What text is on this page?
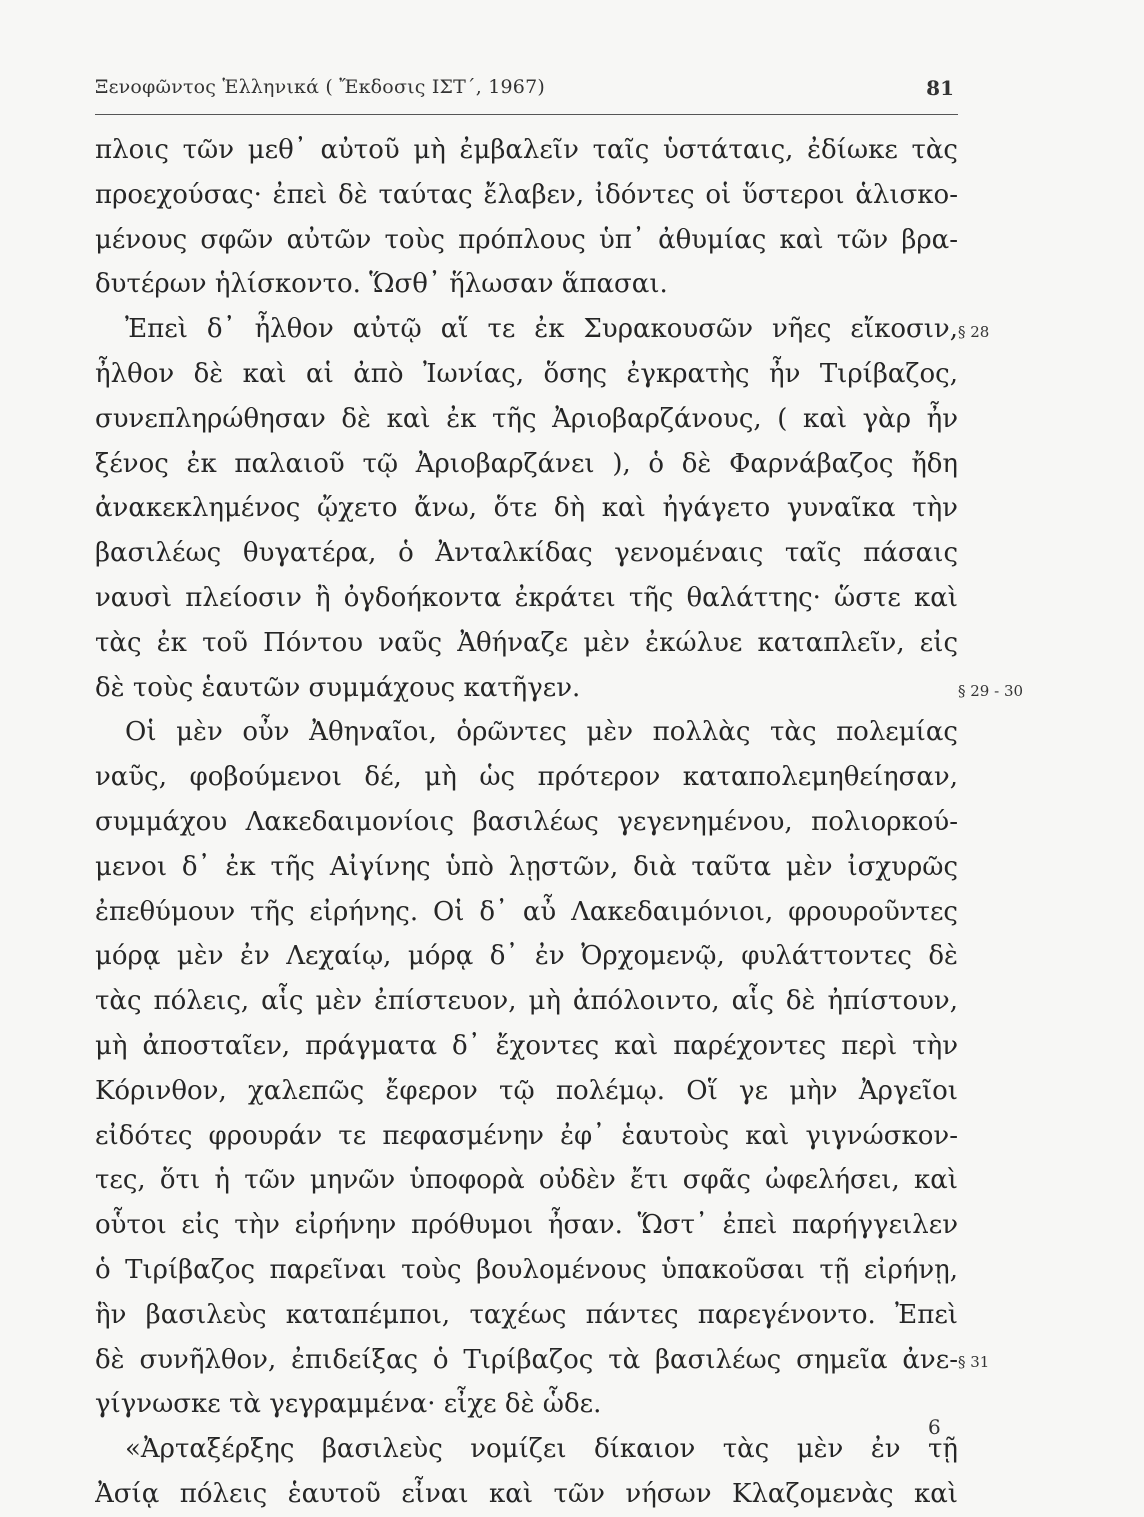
Ξενοφῶντος Ἑλληνικά ( Ἔκδοσις ΙΣΤ΄, 1967)	81
πλοις τῶν μεθ᾿ αὐτοῦ μὴ ἐμβαλεῖν ταῖς ὑστάταις, ἐδίωκε τὰς
προεχούσας· ἐπεὶ δὲ ταύτας ἔλαβεν, ἰδόντες οἱ ὕστεροι ἁλισκο-
μένους σφῶν αὐτῶν τοὺς πρόπλους ὑπ᾿ ἀθυμίας καὶ τῶν βρα-
δυτέρων ἡλίσκοντο. Ὥσθ᾿ ἥλωσαν ἅπασαι.
Ἐπεὶ δ᾿ ἦλθον αὐτῷ αἵ τε ἐκ Συρακουσῶν νῆες εἴκοσιν,
ἦλθον δὲ καὶ αἱ ἀπὸ Ἰωνίας, ὅσης ἐγκρατὴς ἦν Τιρίβαζος,
συνεπληρώθησαν δὲ καὶ ἐκ τῆς Ἀριοβαρζάνους, ( καὶ γὰρ ἦν
ξένος ἐκ παλαιοῦ τῷ Ἀριοβαρζάνει ), ὁ δὲ Φαρνάβαζος ἤδη
ἀνακεκλημένος ᾤχετο ἄνω, ὅτε δὴ καὶ ἠγάγετο γυναῖκα τὴν
βασιλέως θυγατέρα, ὁ Ἀνταλκίδας γενομέναις ταῖς πάσαις
ναυσὶ πλείοσιν ἢ ὀγδοήκοντα ἐκράτει τῆς θαλάττης· ὥστε καὶ
τὰς ἐκ τοῦ Πόντου ναῦς Ἀθήναζε μὲν ἐκώλυε καταπλεῖν, εἰς
δὲ τοὺς ἑαυτῶν συμμάχους κατῆγεν.
Οἱ μὲν οὖν Ἀθηναῖοι, ὁρῶντες μὲν πολλὰς τὰς πολεμίας
ναῦς, φοβούμενοι δέ, μὴ ὡς πρότερον καταπολεμηθείησαν,
συμμάχου Λακεδαιμονίοις βασιλέως γεγενημένου, πολιορκού-
μενοι δ᾿ ἐκ τῆς Αἰγίνης ὑπὸ λῃστῶν, διὰ ταῦτα μὲν ἰσχυρῶς
ἐπεθύμουν τῆς εἰρήνης. Οἱ δ᾿ αὖ Λακεδαιμόνιοι, φρουροῦντες
μόρᾳ μὲν ἐν Λεχαίῳ, μόρᾳ δ᾿ ἐν Ὀρχομενῷ, φυλάττοντες δὲ
τὰς πόλεις, αἷς μὲν ἐπίστευον, μὴ ἀπόλοιντο, αἷς δὲ ἠπίστουν,
μὴ ἀποσταῖεν, πράγματα δ᾿ ἔχοντες καὶ παρέχοντες περὶ τὴν
Κόρινθον, χαλεπῶς ἔφερον τῷ πολέμῳ. Οἵ γε μὴν Ἀργεῖοι
εἰδότες φρουράν τε πεφασμένην ἐφ᾿ ἑαυτοὺς καὶ γιγνώσκον-
τες, ὅτι ἡ τῶν μηνῶν ὑποφορὰ οὐδὲν ἔτι σφᾶς ὠφελήσει, καὶ
οὗτοι εἰς τὴν εἰρήνην πρόθυμοι ἦσαν. Ὥστ᾿ ἐπεὶ παρήγγειλεν
ὁ Τιρίβαζος παρεῖναι τοὺς βουλομένους ὑπακοῦσαι τῇ εἰρήνῃ,
ἣν βασιλεὺς καταπέμποι, ταχέως πάντες παρεγένοντο. Ἐπεὶ
δὲ συνῆλθον, ἐπιδείξας ὁ Τιρίβαζος τὰ βασιλέως σημεῖα ἀνε-
γίγνωσκε τὰ γεγραμμένα· εἶχε δὲ ὧδε.
«Ἀρταξέρξης βασιλεὺς νομίζει δίκαιον τὰς μὲν ἐν τῇ
Ἀσίᾳ πόλεις ἑαυτοῦ εἶναι καὶ τῶν νήσων Κλαζομενὰς καὶ
§ 28
§ 29 - 30
§ 31
6
